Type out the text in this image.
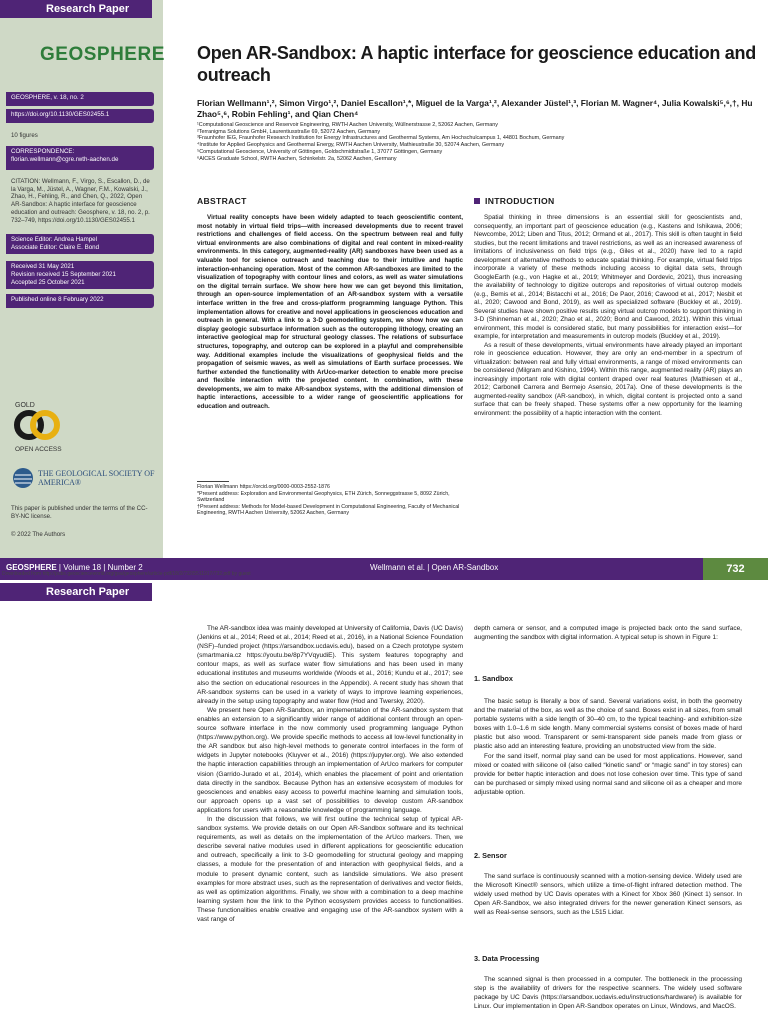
Research Paper
GEOSPHERE
GEOSPHERE, v. 18, no. 2
https://doi.org/10.1130/GES02455.1
10 figures
CORRESPONDENCE:
florian.wellmann@cgre.rwth-aachen.de
CITATION: Wellmann, F., Virgo, S., Escallon, D., de la Varga, M., Jüstel, A., Wagner, F.M., Kowalski, J., Zhao, H., Fehling, R., and Chen, Q., 2022, Open AR-Sandbox: A haptic interface for geoscience education and outreach: Geosphere, v. 18, no. 2, p. 732–749, https://doi.org/10.1130/GES02455.1
Science Editor: Andrea Hampel
Associate Editor: Claire E. Bond
Received 31 May 2021
Revision received 15 September 2021
Accepted 25 October 2021
Published online 8 February 2022
GOLD
OPEN ACCESS
THE GEOLOGICAL SOCIETY OF AMERICA®
This paper is published under the terms of the CC-BY-NC license.
© 2022 The Authors
Open AR-Sandbox: A haptic interface for geoscience education and outreach
Florian Wellmann¹,², Simon Virgo¹,², Daniel Escallon¹,*, Miguel de la Varga¹,², Alexander Jüstel¹,³, Florian M. Wagner⁴, Julia Kowalski⁵,⁶,†, Hu Zhao⁵,⁶, Robin Fehling¹, and Qian Chen⁴
¹Computational Geoscience and Reservoir Engineering, RWTH Aachen University, Wüllnerstrasse 2, 52062 Aachen, Germany
²Terranigma Solutions GmbH, Laurentiusstraße 69, 52072 Aachen, Germany
³Fraunhofer IEG, Fraunhofer Research Institution for Energy Infrastructures and Geothermal Systems, Am Hochschulcampus 1, 44801 Bochum, Germany
⁴Institute for Applied Geophysics and Geothermal Energy, RWTH Aachen University, Mathieustraße 30, 52074 Aachen, Germany
⁵Computational Geoscience, University of Göttingen, Goldschmidtstraße 1, 37077 Göttingen, Germany
⁶AICES Graduate School, RWTH Aachen, Schinkelstr. 2a, 52062 Aachen, Germany
ABSTRACT

Virtual reality concepts have been widely adapted to teach geoscientific content, most notably in virtual field trips—with increased developments due to recent travel restrictions and challenges of field access. On the spectrum between real and fully virtual environments are also combinations of digital and real content in mixed-reality environments. In this category, augmented-reality (AR) sandboxes have been used as a valuable tool for science outreach and teaching due to their intuitive and haptic interaction-enhancing operation. Most of the common AR-sandboxes are limited to the visualization of topography with contour lines and colors, as well as water simulations on the digital terrain surface. We show here how we can get beyond this limitation, through an open-source implementation of an AR-sandbox system with a versatile interface written in the free and cross-platform programming language Python. This implementation allows for creative and novel applications in geosciences education and outreach in general. With a link to a 3-D geomodelling system, we show how we can display geologic subsurface information such as the outcropping lithology, creating an interactive geological map for structural geology classes. The relations of subsurface structures, topography, and outcrop can be explored in a playful and comprehensible way. Additional examples include the visualizations of geophysical fields and the propagation of seismic waves, as well as simulations of Earth surface processes. We further extended the functionality with ArUco-marker detection to enable more precise and flexible interaction with the projected content. In combination, with these developments, we aim to make AR-sandbox systems, with the additional dimension of haptic interactions, accessible to a wider range of geoscientific applications for education and outreach.

Florian Wellmann https://orcid.org/0000-0003-2552-1876
*Present address: Exploration and Environmental Geophysics, ETH Zürich, Sonneggstrasse 5, 8092 Zürich, Switzerland
†Present address: Methods for Model-based Development in Computational Engineering, Faculty of Mechanical Engineering, RWTH Aachen University, 52062 Aachen, Germany
INTRODUCTION

Spatial thinking in three dimensions is an essential skill for geoscientists and, consequently, an important part of geoscience education (e.g., Kastens and Ishikawa, 2006; Newcombe, 2012; Liben and Titus, 2012; Ormand et al., 2017). This skill is often taught in field studies, but the recent limitations and travel restrictions, as well as an increased awareness of limitations of inclusiveness on field trips (e.g., Giles et al., 2020) have led to a rapid development of alternative methods to educate spatial thinking. For example, virtual field trips incorporate a variety of these methods including access to digital data sets, through GoogleEarth (e.g., von Hagke et al., 2019; Whitmeyer and Dordevic, 2021), thus increasing the availability of technology to digitize outcrops and repositories of virtual outcrop models (e.g., Bemis et al., 2014; Bistacchi et al., 2016; De Paor, 2016; Cawood et al., 2017; Nesbit et al., 2020; Cawood and Bond, 2019), as well as specialized software (Buckley et al., 2019). Several studies have shown positive results using virtual outcrop models to support thinking in 3-D (Shinneman et al., 2020; Zhao et al., 2020; Bond and Cawood, 2021). Within this virtual environment, this model is considered static, but many possibilities for interaction exist—for example, for interpretation and measurements in outcrop models (Buckley et al., 2019).

As a result of these developments, virtual environments have already played an important role in geoscience education. However, they are only an end-member in a spectrum of virtualization: between real and fully virtual environments, a range of mixed environments can be considered (Milgram and Kishino, 1994). Within this range, augmented reality (AR) plays an increasingly important role with digital content draped over real features (Mathiesen et al., 2012; Carbonell Carrera and Bermejo Asensio, 2017a). One of these developments is the augmented-reality sandbox (AR-sandbox), in which, digital content is projected onto a sand surface that can be freely shaped. These systems offer a new opportunity for the learning environment: the possibility of a haptic interaction with the content.

GEOSPHERE | Volume 18 | Number 2	Wellmann et al. | Open AR-Sandbox	732
Downloaded from http://pubs.geoscienceworld.org/gsa/geosphere/article-pdf/18/2/732/5511917/732.pdf by guest
Research Paper

The AR-sandbox idea was mainly developed at University of California, Davis (UC Davis) (Jenkins et al., 2014; Reed et al., 2014; Reed et al., 2016), in a National Science Foundation (NSF)–funded project (https://arsandbox.ucdavis.edu), based on a Czech prototype system (smartmania.cz https://youtu.be/8p7YVqyudiE). This system features topography and contour maps, as well as surface water flow simulations and has been used in many educational institutes and museums worldwide (Woods et al., 2016; Kundu et al., 2017; see also the section on educational resources in the Appendix). A recent study has shown that AR-sandbox systems can be used in a variety of ways to improve learning experiences, already in the setup using topography and water flow (Hod and Twersky, 2020).

We present here Open AR-Sandbox, an implementation of the AR-sandbox system that enables an extension to a significantly wider range of additional content through an open-source software interface in the now commonly used programming language Python (https://www.python.org). We provide specific methods to access all low-level functionality in the AR sandbox but also high-level methods to generate control interfaces in the form of widgets in Jupyter notebooks (Kluyver et al., 2016) (https://jupyter.org). We also extended the haptic interaction capabilities through an implementation of ArUco markers for computer vision (Garrido-Jurado et al., 2014), which enables the placement of point and orientation data directly in the sandbox. Because Python has an extensive ecosystem of modules for geosciences and enables easy access to powerful machine learning and simulation tools, our approach opens up a vast set of possibilities to develop custom AR-sandbox applications for users with a reasonable knowledge of programming language.

In the discussion that follows, we will first outline the technical setup of typical AR-sandbox systems. We provide details on our Open AR-Sandbox software and its technical requirements, as well as details on the implementation of the ArUco markers. Then, we describe several native modules used in different applications for geoscientific education and outreach, specifically a link to 3-D geomodelling for structural geology and mapping classes, a module for the presentation of and interaction with geophysical fields, and a module to present dynamic content, such as landslide simulations. We also present examples for more abstract uses, such as the representation of derivatives and vector fields, as well as optimization algorithms. Finally, we show with a combination to a deep machine learning system how the link to the Python ecosystem provides access to functionalities. These functionalities enable creative and engaging use of the AR-sandbox system with a vast range of

depth camera or sensor, and a computed image is projected back onto the sand surface, augmenting the sandbox with digital information. A typical setup is shown in Figure 1:

1. Sandbox

The basic setup is literally a box of sand. Several variations exist, in both the geometry and the material of the box, as well as the choice of sand. Boxes exist in all sizes, from small portable systems with a side length of 30–40 cm, to the typical teaching- and exhibition-size boxes with 1.0–1.6 m side length. Many commercial systems consist of boxes made of hard plastic but also wood. Transparent or semi-transparent side panels made from glass or plastic also add an interesting feature, providing an unobstructed view from the side.

For the sand itself, normal play sand can be used for most applications. However, sand mixed or coated with silicone oil (also called “kinetic sand” or “magic sand” in toy stores) can provide for better haptic interaction and does not lose cohesion over time. This type of sand can be purchased or simply mixed using normal sand and silicone oil as a cheaper and more adjustable option.

2. Sensor

The sand surface is continuously scanned with a motion-sensing device. Widely used are the Microsoft Kinect® sensors, which utilize a time-of-flight infrared detection method. The widely used method by UC Davis operates with a Kinect for Xbox 360 (Kinect 1) sensor. In Open AR-Sandbox, we also integrated drivers for the newer generation Kinect sensors, as well as Real-sense sensors, such as the L515 Lidar.

3. Data Processing

The scanned signal is then processed in a computer. The bottleneck in the processing step is the availability of drivers for the respective scanners. The widely used software package by UC Davis (https://arsandbox.ucdavis.edu/instructions/hardware/) is available for Linux. Our implementation in Open AR-Sandbox operates on Linux, Windows, and MacOS.
